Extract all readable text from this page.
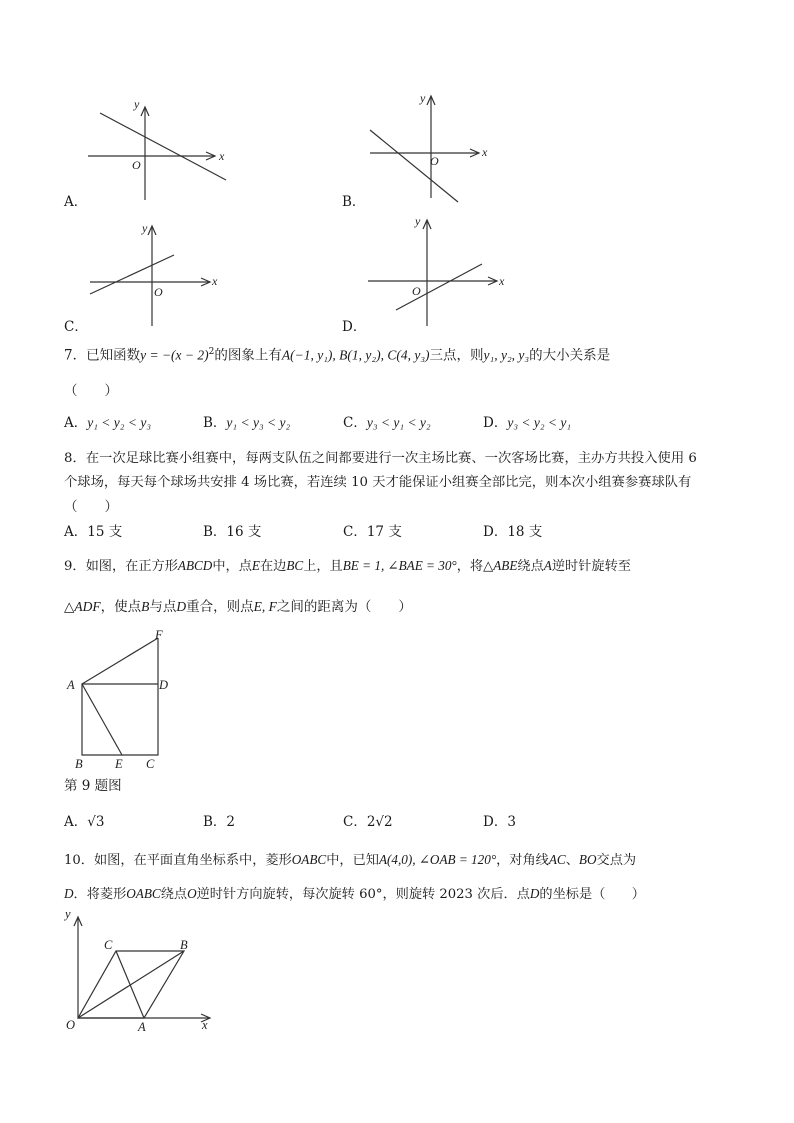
A．
O
x
y
B．
O
x
y
C．
O
x
y
D．
O
x
y
7．已知函数$y = -(x - 2)^2$的图象上有A(−1, y₁), B(1, y₂), C(4, y₃)三点，则y₁, y₂, y₃的大小关系是
（　　）
A．y₁ < y₂ < y₃	B．y₁ < y₃ < y₂	C．y₃ < y₁ < y₂	D．y₃ < y₂ < y₁
8．在一次足球比赛小组赛中，每两支队伍之间都要进行一次主场比赛、一次客场比赛，主办方共投入使用 6
个球场，每天每个球场共安排 4 场比赛，若连续 10 天才能保证小组赛全部比完，则本次小组赛参赛球队有
（　　）
A．15 支	B．16 支	C．17 支	D．18 支
9．如图，在正方形ABCD中，点E在边BC上，且BE = 1, ∠BAE = 30°，将△ABE绕点A逆时针旋转至
△ADF，使点B与点D重合，则点E, F之间的距离为（　　）
A	D
F
B	E C
第 9 题图
A．√3	B．2	C．2√2	D．3
10．如图，在平面直角坐标系中，菱形OABC中，已知A(4,0), ∠OAB = 120°，对角线AC、BO交点为
D．将菱形OABC绕点O逆时针方向旋转，每次旋转 60°，则旋转 2023 次后．点D的坐标是（　　）
y
x
O	A
B
C
